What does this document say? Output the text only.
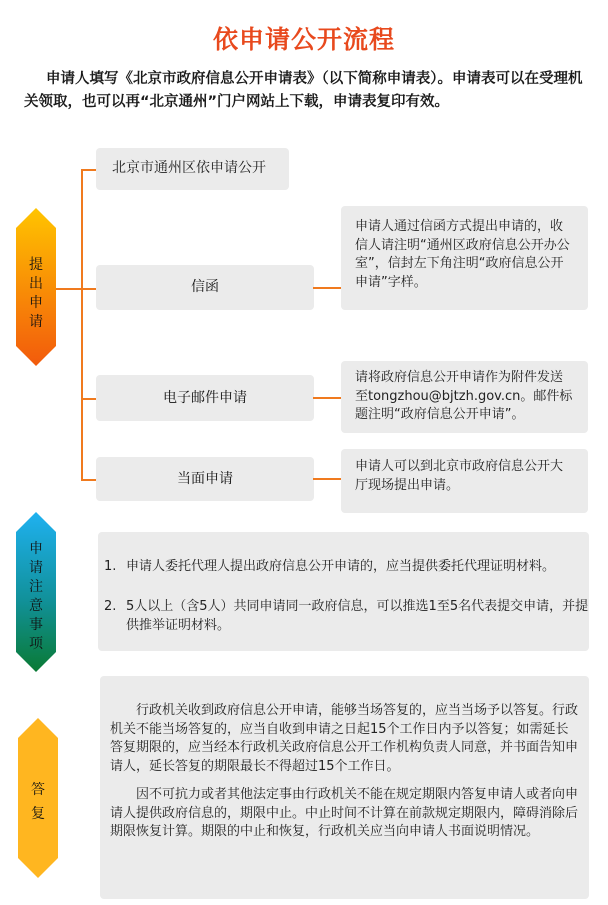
依申请公开流程
申请人填写《北京市政府信息公开申请表》（以下简称申请表）。申请表可以在受理机关领取，也可以再“北京通州”门户网站上下载，申请表复印有效。
提
出
申
请
北京市通州区依申请公开
信函
申请人通过信函方式提出申请的，收信人请注明“通州区政府信息公开办公室”，信封左下角注明“政府信息公开申请”字样。
电子邮件申请
请将政府信息公开申请作为附件发送至tongzhou@bjtzh.gov.cn。邮件标题注明“政府信息公开申请”。
当面申请
申请人可以到北京市政府信息公开大厅现场提出申请。
申
请
注
意
事
项
1. 申请人委托代理人提出政府信息公开申请的，应当提供委托代理证明材料。
2. 5人以上（含5人）共同申请同一政府信息，可以推选1至5名代表提交申请，并提供推举证明材料。
答
复

行政机关收到政府信息公开申请，能够当场答复的，应当当场予以答复。行政机关不能当场答复的，应当自收到申请之日起15个工作日内予以答复；如需延长答复期限的，应当经本行政机关政府信息公开工作机构负责人同意，并书面告知申请人，延长答复的期限最长不得超过15个工作日。

因不可抗力或者其他法定事由行政机关不能在规定期限内答复申请人或者向申请人提供政府信息的，期限中止。中止时间不计算在前款规定期限内，障碍消除后期限恢复计算。期限的中止和恢复，行政机关应当向申请人书面说明情况。
